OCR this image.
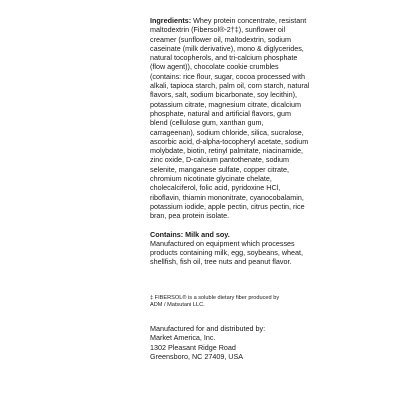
Ingredients: Whey protein concentrate, resistant maltodextrin (Fibersol®-2†‡), sunflower oil creamer (sunflower oil, maltodextrin, sodium caseinate (milk derivative), mono & diglycerides, natural tocopherols, and tri-calcium phosphate (flow agent)), chocolate cookie crumbles (contains: rice flour, sugar, cocoa processed with alkali, tapioca starch, palm oil, corn starch, natural flavors, salt, sodium bicarbonate, soy lecithin), potassium citrate, magnesium citrate, dicalcium phosphate, natural and artificial flavors, gum blend (cellulose gum, xanthan gum, carrageenan), sodium chloride, silica, sucralose, ascorbic acid, d-alpha-tocopheryl acetate, sodium molybdate, biotin, retinyl palmitate, niacinamide, zinc oxide, D-calcium pantothenate, sodium selenite, manganese sulfate, copper citrate, chromium nicotinate glycinate chelate, cholecalciferol, folic acid, pyridoxine HCl, riboflavin, thiamin mononitrate, cyanocobalamin, potassium iodide, apple pectin, citrus pectin, rice bran, pea protein isolate.

Contains: Milk and soy.
Manufactured on equipment which processes products containing milk, egg, soybeans, wheat, shellfish, fish oil, tree nuts and peanut flavor.
‡ FIBERSOL® is a soluble dietary fiber produced by ADM / Matsutani LLC.
Manufactured for and distributed by:
Market America, Inc.
1302 Pleasant Ridge Road
Greensboro, NC 27409, USA
